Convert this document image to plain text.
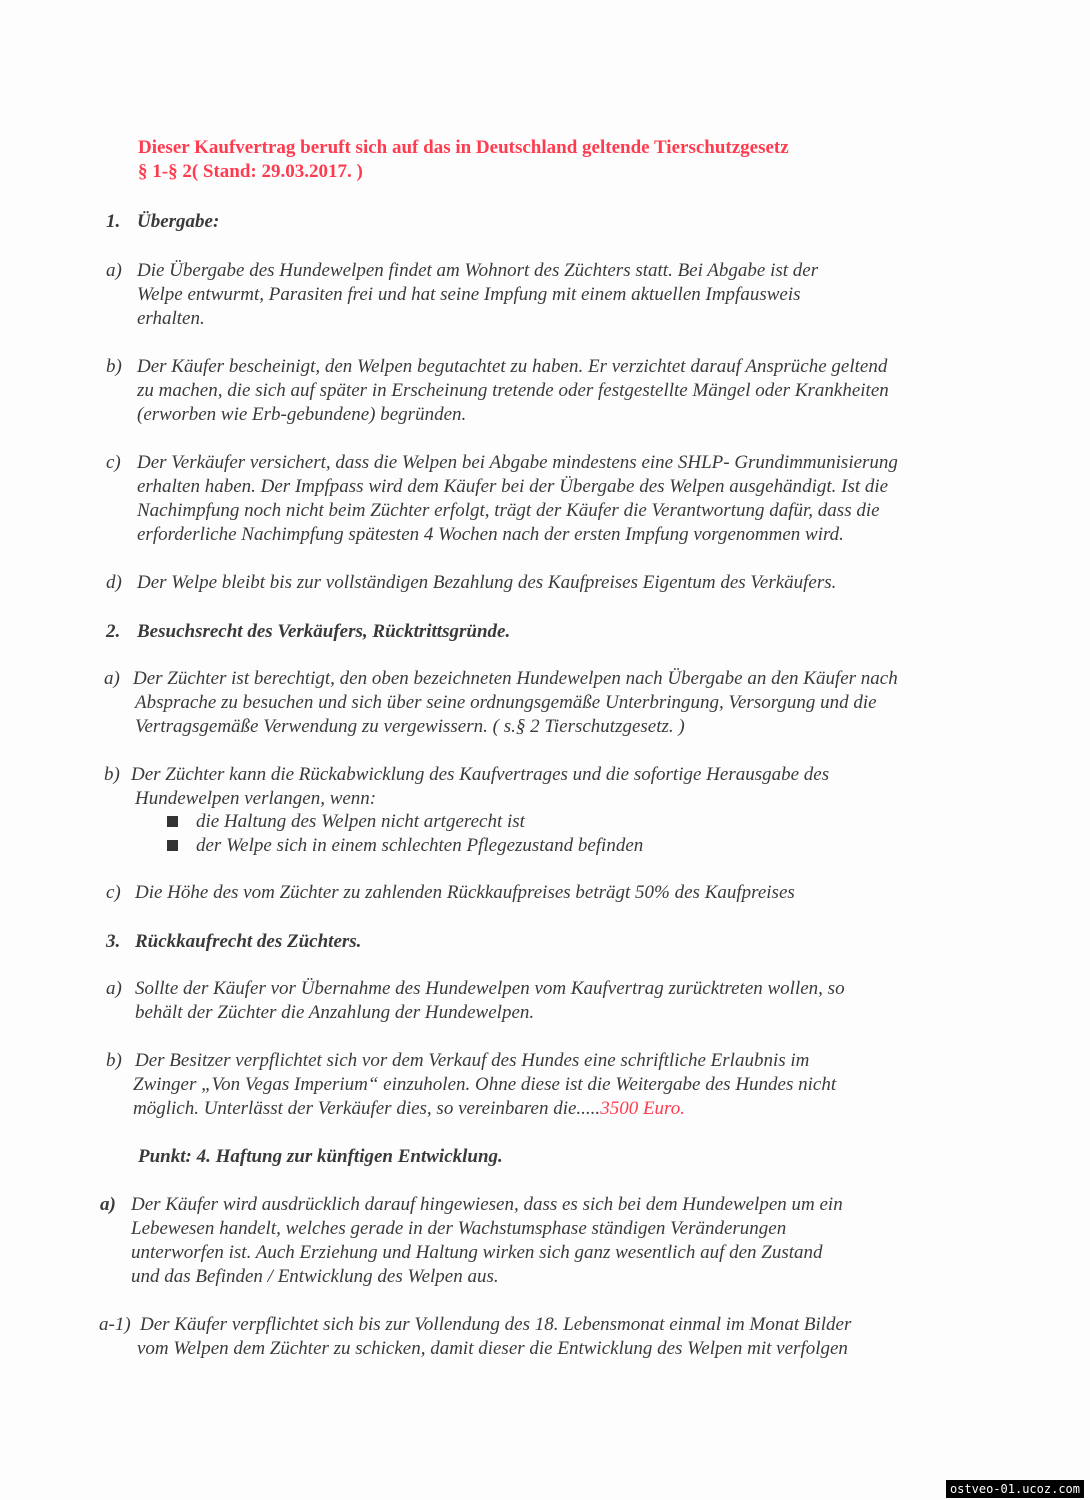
Dieser Kaufvertrag beruft sich auf das in Deutschland geltende Tierschutzgesetz
§ 1-§ 2( Stand: 29.03.2017. )
1. Übergabe:
a) Die Übergabe des Hundewelpen findet am Wohnort des Züchters statt. Bei Abgabe ist der
Welpe entwurmt, Parasiten frei und hat seine Impfung mit einem aktuellen Impfausweis
erhalten.
b) Der Käufer bescheinigt, den Welpen begutachtet zu haben. Er verzichtet darauf Ansprüche geltend
zu machen, die sich auf später in Erscheinung tretende oder festgestellte Mängel oder Krankheiten
(erworben wie Erb-gebundene) begründen.
c) Der Verkäufer versichert, dass die Welpen bei Abgabe mindestens eine SHLP- Grundimmunisierung
erhalten haben. Der Impfpass wird dem Käufer bei der Übergabe des Welpen ausgehändigt. Ist die
Nachimpfung noch nicht beim Züchter erfolgt, trägt der Käufer die Verantwortung dafür, dass die
erforderliche Nachimpfung spätesten 4 Wochen nach der ersten Impfung vorgenommen wird.
d) Der Welpe bleibt bis zur vollständigen Bezahlung des Kaufpreises Eigentum des Verkäufers.
2. Besuchsrecht des Verkäufers, Rücktrittsgründe.
a) Der Züchter ist berechtigt, den oben bezeichneten Hundewelpen nach Übergabe an den Käufer nach
Absprache zu besuchen und sich über seine ordnungsgemäße Unterbringung, Versorgung und die
Vertragsgemäße Verwendung zu vergewissern. ( s.§ 2 Tierschutzgesetz. )
b) Der Züchter kann die Rückabwicklung des Kaufvertrages und die sofortige Herausgabe des
Hundewelpen verlangen, wenn:
die Haltung des Welpen nicht artgerecht ist
der Welpe sich in einem schlechten Pflegezustand befinden
c) Die Höhe des vom Züchter zu zahlenden Rückkaufpreises beträgt 50% des Kaufpreises
3. Rückkaufrecht des Züchters.
a) Sollte der Käufer vor Übernahme des Hundewelpen vom Kaufvertrag zurücktreten wollen, so
behält der Züchter die Anzahlung der Hundewelpen.
b) Der Besitzer verpflichtet sich vor dem Verkauf des Hundes eine schriftliche Erlaubnis im
Zwinger „Von Vegas Imperium“ einzuholen. Ohne diese ist die Weitergabe des Hundes nicht
möglich. Unterlässt der Verkäufer dies, so vereinbaren die.....3500 Euro.
Punkt: 4. Haftung zur künftigen Entwicklung.
a) Der Käufer wird ausdrücklich darauf hingewiesen, dass es sich bei dem Hundewelpen um ein
Lebewesen handelt, welches gerade in der Wachstumsphase ständigen Veränderungen
unterworfen ist. Auch Erziehung und Haltung wirken sich ganz wesentlich auf den Zustand
und das Befinden / Entwicklung des Welpen aus.
a-1) Der Käufer verpflichtet sich bis zur Vollendung des 18. Lebensmonat einmal im Monat Bilder
vom Welpen dem Züchter zu schicken, damit dieser die Entwicklung des Welpen mit verfolgen
ostveo-01.ucoz.com
